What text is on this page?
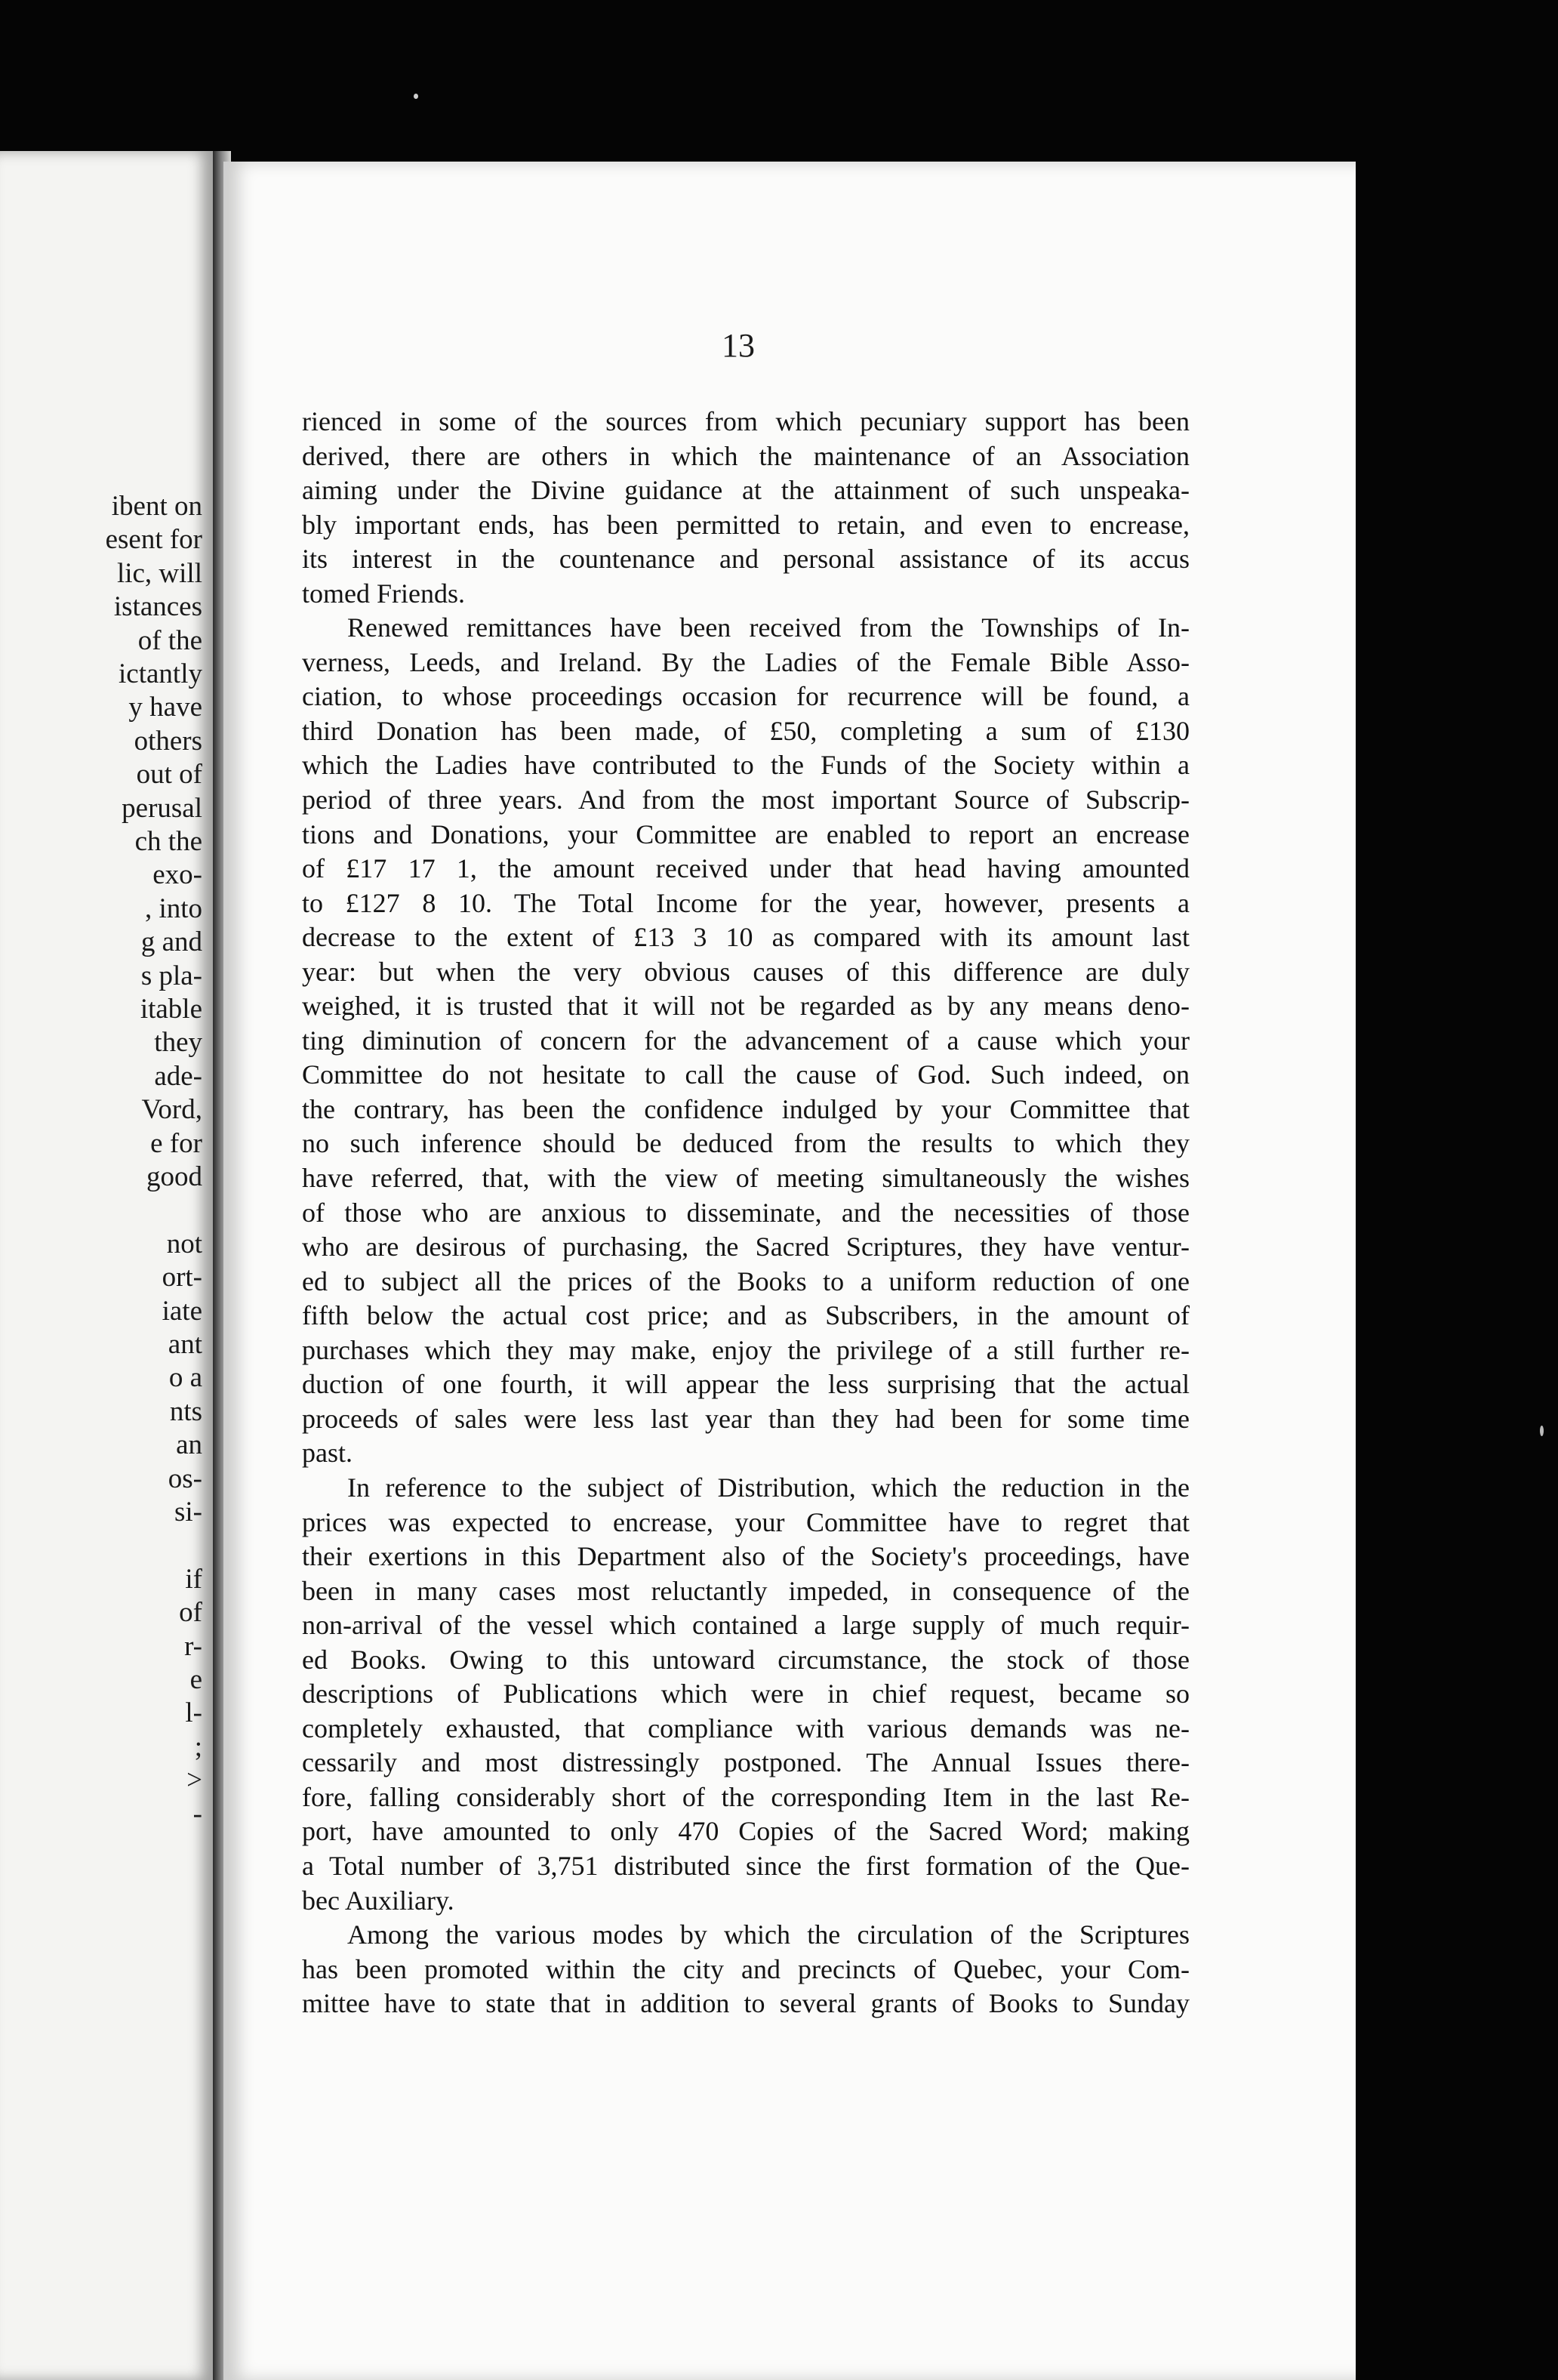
ibent on

esent for

lic, will

istances

of the

ictantly

y have

others

out of

perusal

ch the

exo-

, into

g and

s pla-

itable

they

ade-

Vord,

e for

good

not

ort-

iate

ant

o a

nts

an

os-

si-

if

of

r-

e

l-

;

>

-

13

rienced in some of the sources from which pecuniary support has been
derived, there are others in which the maintenance of an Association
aiming under the Divine guidance at the attainment of such unspeaka-
bly important ends, has been permitted to retain, and even to encrease,
its interest in the countenance and personal assistance of its accus
tomed Friends.
Renewed remittances have been received from the Townships of In-
verness, Leeds, and Ireland. By the Ladies of the Female Bible Asso-
ciation, to whose proceedings occasion for recurrence will be found, a
third Donation has been made, of £50, completing a sum of £130
which the Ladies have contributed to the Funds of the Society within a
period of three years. And from the most important Source of Subscrip-
tions and Donations, your Committee are enabled to report an encrease
of £17 17 1, the amount received under that head having amounted
to £127 8 10. The Total Income for the year, however, presents a
decrease to the extent of £13 3 10 as compared with its amount last
year: but when the very obvious causes of this difference are duly
weighed, it is trusted that it will not be regarded as by any means deno-
ting diminution of concern for the advancement of a cause which your
Committee do not hesitate to call the cause of God. Such indeed, on
the contrary, has been the confidence indulged by your Committee that
no such inference should be deduced from the results to which they
have referred, that, with the view of meeting simultaneously the wishes
of those who are anxious to disseminate, and the necessities of those
who are desirous of purchasing, the Sacred Scriptures, they have ventur-
ed to subject all the prices of the Books to a uniform reduction of one
fifth below the actual cost price; and as Subscribers, in the amount of
purchases which they may make, enjoy the privilege of a still further re-
duction of one fourth, it will appear the less surprising that the actual
proceeds of sales were less last year than they had been for some time
past.
In reference to the subject of Distribution, which the reduction in the
prices was expected to encrease, your Committee have to regret that
their exertions in this Department also of the Society's proceedings, have
been in many cases most reluctantly impeded, in consequence of the
non-arrival of the vessel which contained a large supply of much requir-
ed Books. Owing to this untoward circumstance, the stock of those
descriptions of Publications which were in chief request, became so
completely exhausted, that compliance with various demands was ne-
cessarily and most distressingly postponed. The Annual Issues there-
fore, falling considerably short of the corresponding Item in the last Re-
port, have amounted to only 470 Copies of the Sacred Word; making
a Total number of 3,751 distributed since the first formation of the Que-
bec Auxiliary.
Among the various modes by which the circulation of the Scriptures
has been promoted within the city and precincts of Quebec, your Com-
mittee have to state that in addition to several grants of Books to Sunday
